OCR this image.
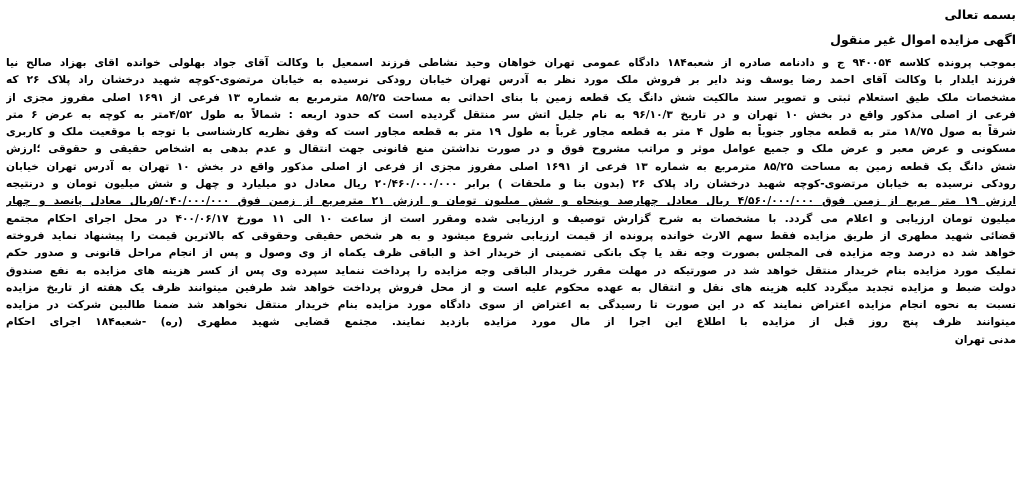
بسمه تعالی
اگهی مزایده اموال غیر منقول
بموجب پرونده کلاسه ۹۴۰۰۵۴ ج و دادنامه صادره از شعبه۱۸۴ دادگاه عمومی تهران خواهان وحید نشاطی فرزند اسمعیل با وکالت آقای جواد بهلولی خوانده اقای بهزاد صالح نیا
فرزند ایلدار با وکالت آقای احمد رضا یوسف وند دایر بر فروش ملک مورد نظر به آدرس تهران خیابان رودکی نرسیده به خیابان مرتضوی-کوچه شهید درخشان راد پلاک ۲۶ که
مشخصات ملک طیق استعلام ثبتی و تصویر سند مالکیت شش دانگ یک قطعه زمین با بنای احداثی به مساحت ۸۵/۲۵ مترمربع به شماره ۱۳ فرعی از ۱۶۹۱ اصلی مفروز مجزی از
فرعی از اصلی مذکور واقع در بخش ۱۰ تهران و در تاریخ ۹۶/۱۰/۳ به نام جلیل اتش سر منتقل گردیده است که حدود اربعه : شمالاً به طول ۴/۵۲متر به کوچه به عرض ۶ متر
شرقاً به صول ۱۸/۷۵ متر به قطعه مجاور جنوباً به طول ۴ متر به قطعه مجاور غرباً به طول ۱۹ متر به قطعه مجاور است که وفق نظریه کارشناسی با توجه با موقعیت ملک و کاربری
مسکونی و عرض معبر و عرض ملک و جمیع عوامل موثر و مراتب مشروح فوق و در صورت نداشتن منع قانونی جهت انتقال و عدم بدهی به اشخاص حقیقی و حقوقی ؛ارزش
شش دانگ یک قطعه زمین به مساحت ۸۵/۲۵ مترمربع به شماره ۱۳ فرعی از ۱۶۹۱ اصلی مفروز مجزی از فرعی از اصلی مذکور واقع در بخش ۱۰ تهران به آدرس تهران خیابان
رودکی نرسیده به خیابان مرتضوی-کوچه شهید درخشان راد پلاک ۲۶ (بدون بنا و ملحقات ) برابر ۲۰/۴۶۰/۰۰۰/۰۰۰ ریال معادل دو میلیارد و چهل و شش میلیون تومان و درنتیجه
ارزش ۱۹ متر مربع از زمین فوق ۴/۵۶۰/۰۰۰/۰۰۰ ریال معادل چهارصد وپنجاه و شش میلیون تومان و ارزش ۲۱ مترمربع از زمین فوق ۵/۰۴۰/۰۰۰/۰۰۰ریال معادل پانصد و چهار
میلیون تومان ارزیابی و اعلام می گردد. با مشخصات به شرح گزارش توصیف و ارزیابی شده ومقرر است از ساعت ۱۰ الی ۱۱ مورخ ۴۰۰/۰۶/۱۷ در محل اجرای احکام مجتمع
قضائی شهید مطهری از طریق مزایده فقط سهم الارث خوانده پرونده از قیمت ارزیابی شروع میشود و به هر شخص حقیقی وحقوقی که بالاترین قیمت را پیشنهاد نماید فروخته
خواهد شد ده درصد وجه مزایده فی المجلس بصورت وجه نقد یا چک بانکی تضمینی از خریدار اخذ و الباقی ظرف یکماه از وی وصول و پس از انجام مراحل قانونی و صدور حکم
تملیک مورد مزایده بنام خریدار منتقل خواهد شد در صورتیکه در مهلت مقرر خریدار الباقی وجه مزایده را پرداخت ننماید سپرده وی پس از کسر هزینه های مزایده به نفع صندوق
دولت ضبط و مزایده تجدید میگردد کلیه هزینه های نقل و انتقال به عهده محکوم علیه است و از محل فروش پرداخت خواهد شد طرفین میتوانند ظرف یک هفته از تاریخ مزایده
نسبت به نحوه انجام مزایده اعتراض نمایند که در این صورت تا رسیدگی به اعتراض از سوی دادگاه مورد مزایده بنام خریدار منتقل نخواهد شد ضمنا طالبین شرکت در مزایده
میتوانند ظرف پنج روز قبل از مزایده با اطلاع این اجرا از مال مورد مزایده بازدید نمایند. مجتمع قضایی شهید مطهری (ره) -شعبه۱۸۴ اجرای احکام
مدنی تهران
